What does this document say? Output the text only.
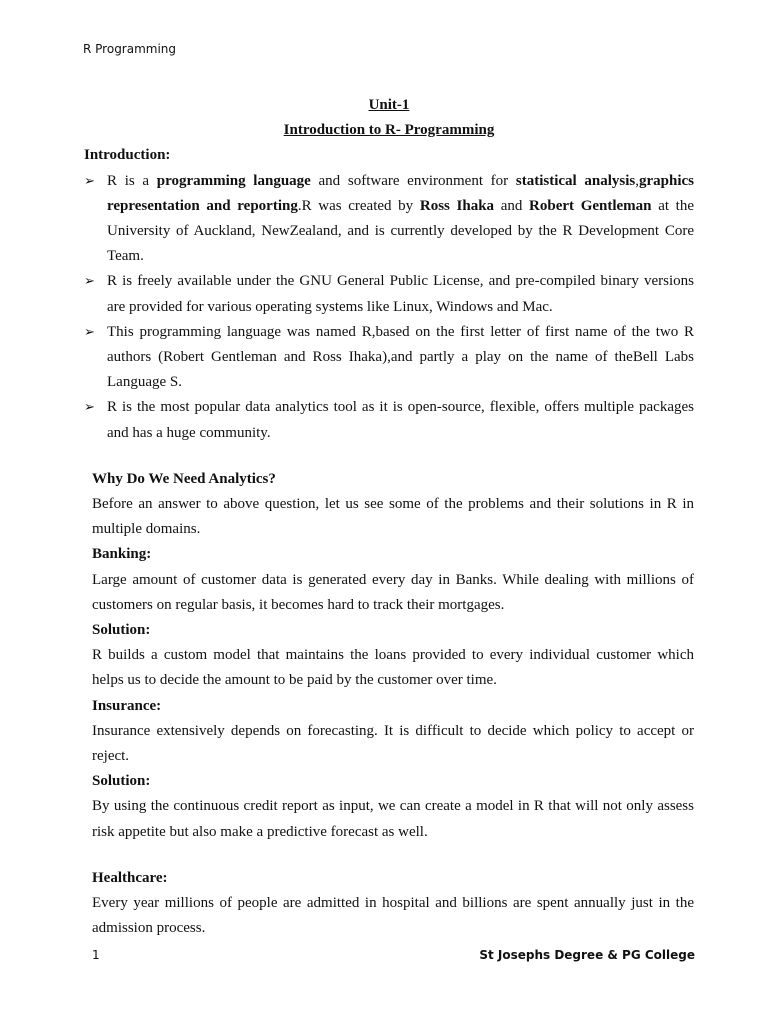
R Programming
Unit-1
Introduction to R- Programming
Introduction:
➢ R is a programming language and software environment for statistical analysis,graphics representation and reporting.R was created by Ross Ihaka and Robert Gentleman at the University of Auckland, NewZealand, and is currently developed by the R Development Core Team.
➢ R is freely available under the GNU General Public License, and pre-compiled binary versions are provided for various operating systems like Linux, Windows and Mac.
➢ This programming language was named R,based on the first letter of first name of the two R authors (Robert Gentleman and Ross Ihaka),and partly a play on the name of theBell Labs Language S.
➢ R is the most popular data analytics tool as it is open-source, flexible, offers multiple packages and has a huge community.
Why Do We Need Analytics?
Before an answer to above question, let us see some of the problems and their solutions in R in multiple domains.
Banking:
Large amount of customer data is generated every day in Banks. While dealing with millions of customers on regular basis, it becomes hard to track their mortgages.
Solution:
R builds a custom model that maintains the loans provided to every individual customer which helps us to decide the amount to be paid by the customer over time.
Insurance:
Insurance extensively depends on forecasting. It is difficult to decide which policy to accept or reject.
Solution:
By using the continuous credit report as input, we can create a model in R that will not only assess risk appetite but also make a predictive forecast as well.
Healthcare:
Every year millions of people are admitted in hospital and billions are spent annually just in the admission process.
1	St Josephs Degree & PG College
